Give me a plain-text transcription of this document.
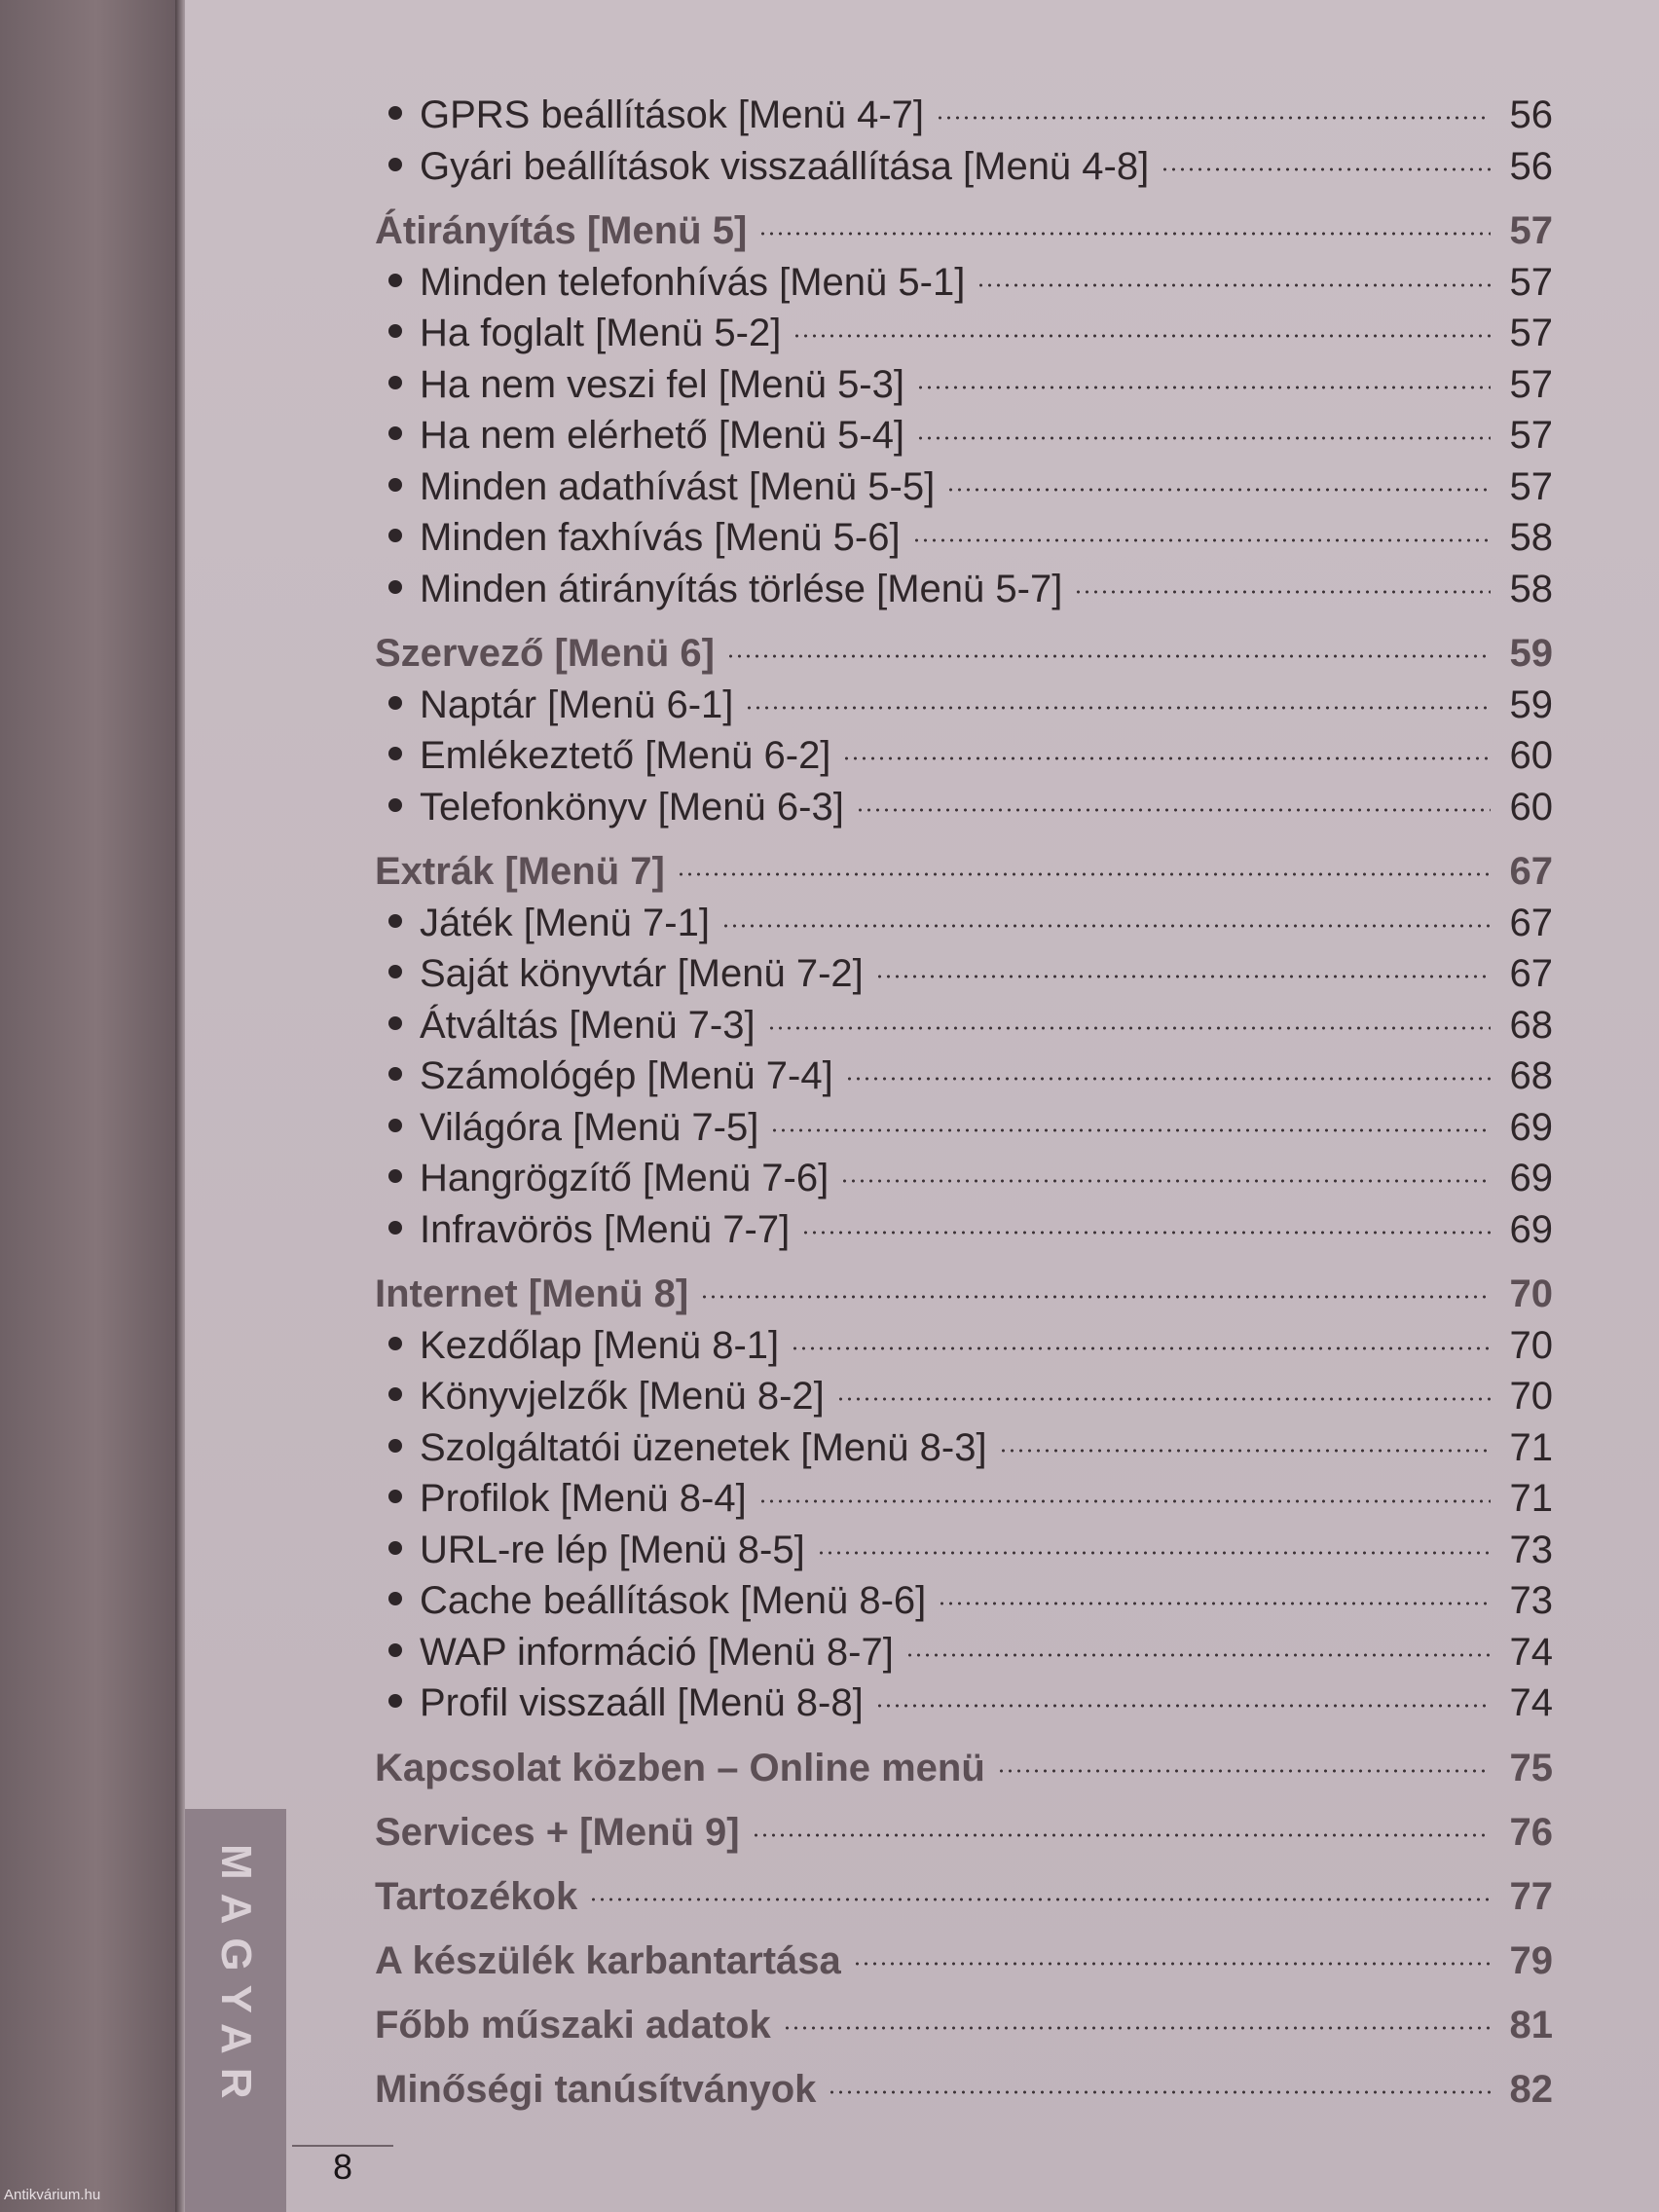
MAGYAR
8
GPRS beállítások [Menü 4-7]	56
Gyári beállítások visszaállítása [Menü 4-8]	56
Átirányítás [Menü 5]	57
Minden telefonhívás [Menü 5-1]	57
Ha foglalt [Menü 5-2]	57
Ha nem veszi fel [Menü 5-3]	57
Ha nem elérhető [Menü 5-4]	57
Minden adathívást [Menü 5-5]	57
Minden faxhívás [Menü 5-6]	58
Minden átirányítás törlése [Menü 5-7]	58
Szervező [Menü 6]	59
Naptár [Menü 6-1]	59
Emlékeztető [Menü 6-2]	60
Telefonkönyv [Menü 6-3]	60
Extrák [Menü 7]	67
Játék [Menü 7-1]	67
Saját könyvtár [Menü 7-2]	67
Átváltás [Menü 7-3]	68
Számológép [Menü 7-4]	68
Világóra [Menü 7-5]	69
Hangrögzítő [Menü 7-6]	69
Infravörös [Menü 7-7]	69
Internet [Menü 8]	70
Kezdőlap [Menü 8-1]	70
Könyvjelzők [Menü 8-2]	70
Szolgáltatói üzenetek [Menü 8-3]	71
Profilok [Menü 8-4]	71
URL-re lép [Menü 8-5]	73
Cache beállítások [Menü 8-6]	73
WAP információ [Menü 8-7]	74
Profil visszaáll [Menü 8-8]	74
Kapcsolat közben – Online menü	75
Services + [Menü 9]	76
Tartozékok	77
A készülék karbantartása	79
Főbb műszaki adatok	81
Minőségi tanúsítványok	82
Antikvárium.hu
